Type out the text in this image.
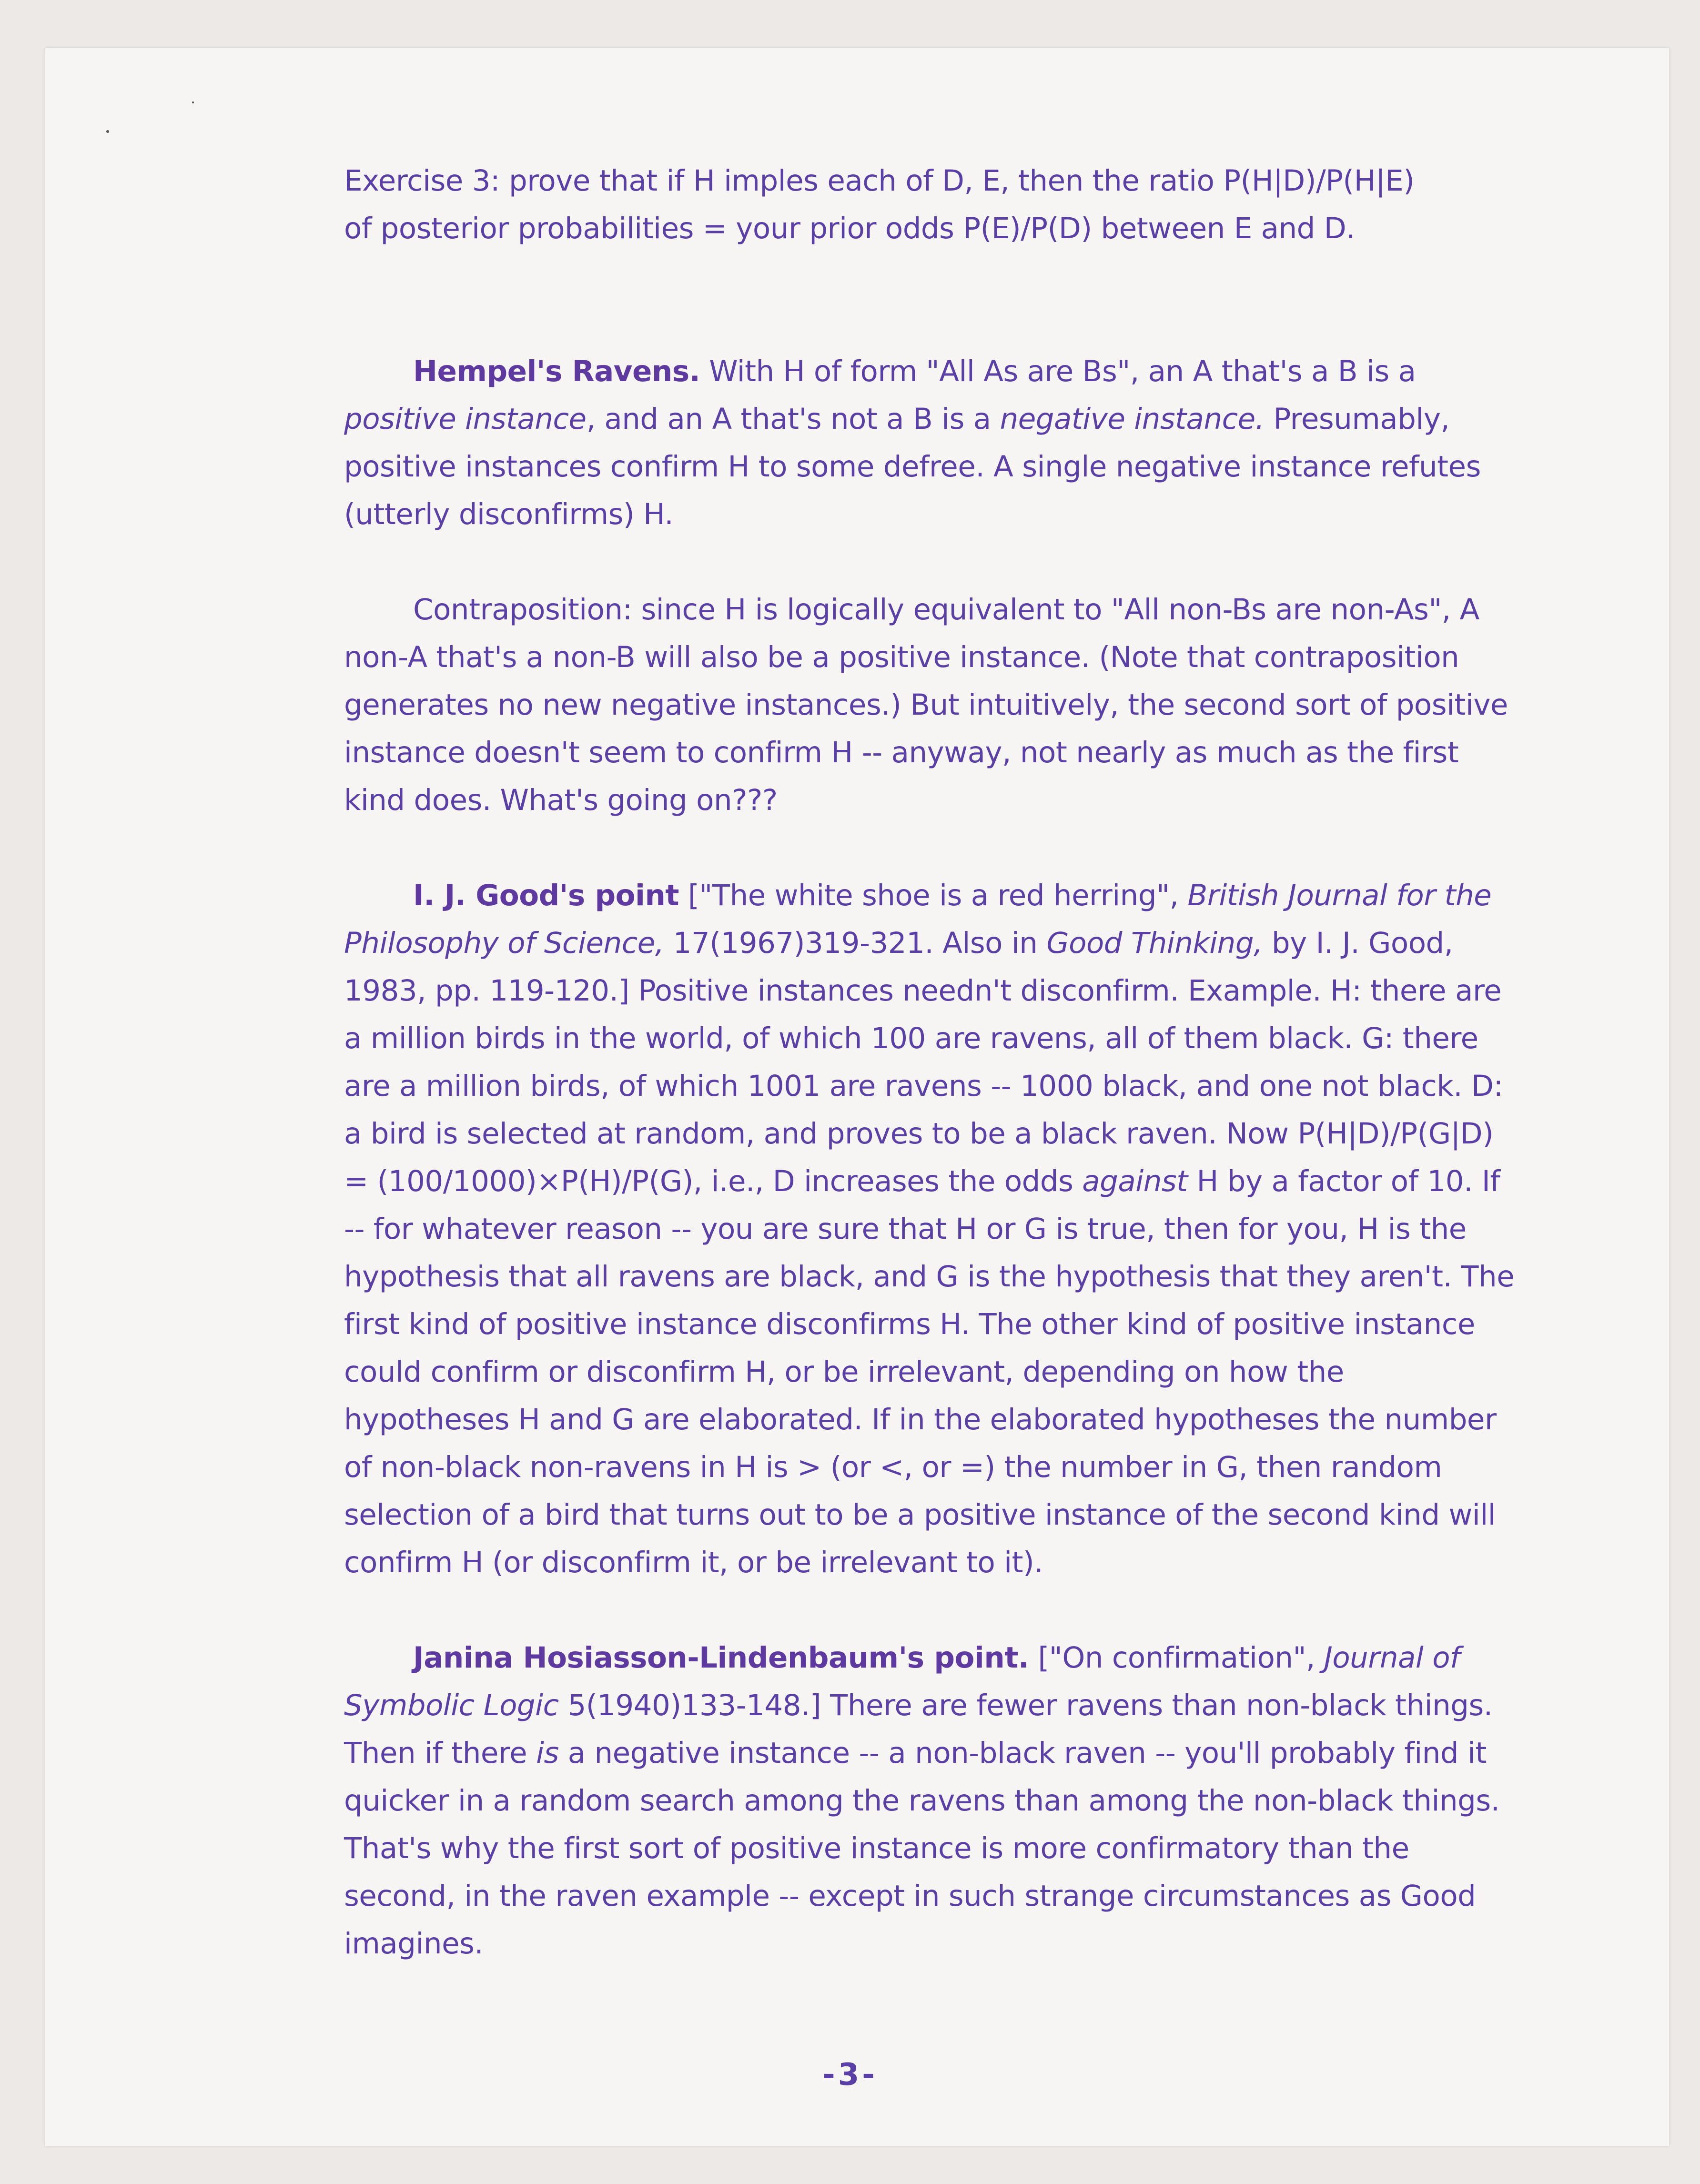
Exercise 3: prove that if H imples each of D, E, then the ratio P(H|D)/P(H|E)
of posterior probabilities = your prior odds P(E)/P(D) between E and D.

Hempel's Ravens. With H of form "All As are Bs", an A that's a B is a positive instance, and an A that's not a B is a negative instance. Presumably, positive instances confirm H to some defree. A single negative instance refutes (utterly disconfirms) H.

Contraposition: since H is logically equivalent to "All non-Bs are non-As", A non-A that's a non-B will also be a positive instance. (Note that contraposition generates no new negative instances.) But intuitively, the second sort of positive instance doesn't seem to confirm H -- anyway, not nearly as much as the first kind does. What's going on???

I. J. Good's point ["The white shoe is a red herring", British Journal for the Philosophy of Science, 17(1967)319-321. Also in Good Thinking, by I. J. Good, 1983, pp. 119-120.] Positive instances needn't disconfirm. Example. H: there are a million birds in the world, of which 100 are ravens, all of them black. G: there are a million birds, of which 1001 are ravens -- 1000 black, and one not black. D: a bird is selected at random, and proves to be a black raven. Now P(H|D)/P(G|D) = (100/1000)×P(H)/P(G), i.e., D increases the odds against H by a factor of 10. If -- for whatever reason -- you are sure that H or G is true, then for you, H is the hypothesis that all ravens are black, and G is the hypothesis that they aren't. The first kind of positive instance disconfirms H. The other kind of positive instance could confirm or disconfirm H, or be irrelevant, depending on how the hypotheses H and G are elaborated. If in the elaborated hypotheses the number of non-black non-ravens in H is > (or <, or =) the number in G, then random selection of a bird that turns out to be a positive instance of the second kind will confirm H (or disconfirm it, or be irrelevant to it).

Janina Hosiasson-Lindenbaum's point. ["On confirmation", Journal of Symbolic Logic 5(1940)133-148.] There are fewer ravens than non-black things. Then if there is a negative instance -- a non-black raven -- you'll probably find it quicker in a random search among the ravens than among the non-black things. That's why the first sort of positive instance is more confirmatory than the second, in the raven example -- except in such strange circumstances as Good imagines.

-3-
